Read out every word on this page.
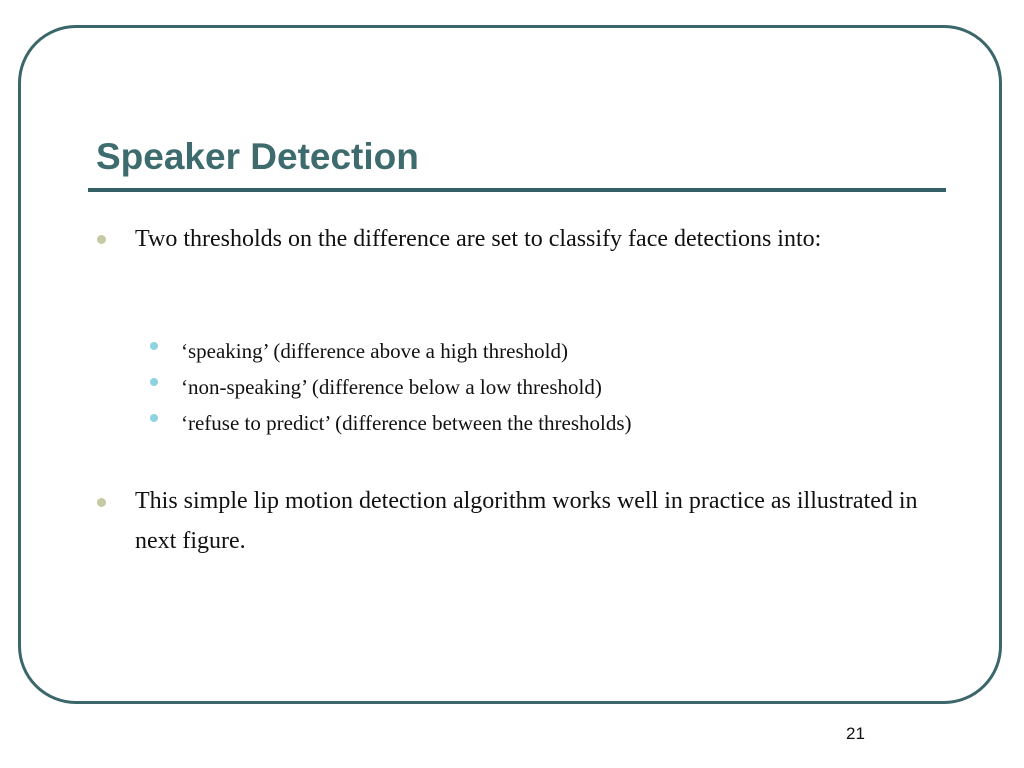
Speaker Detection
Two thresholds on the difference are set to classify face detections into:
‘speaking’ (difference above a high threshold)
‘non-speaking’ (difference below a low threshold)
‘refuse to predict’ (difference between the thresholds)
This simple lip motion detection algorithm works well in practice as illustrated in next figure.
21
